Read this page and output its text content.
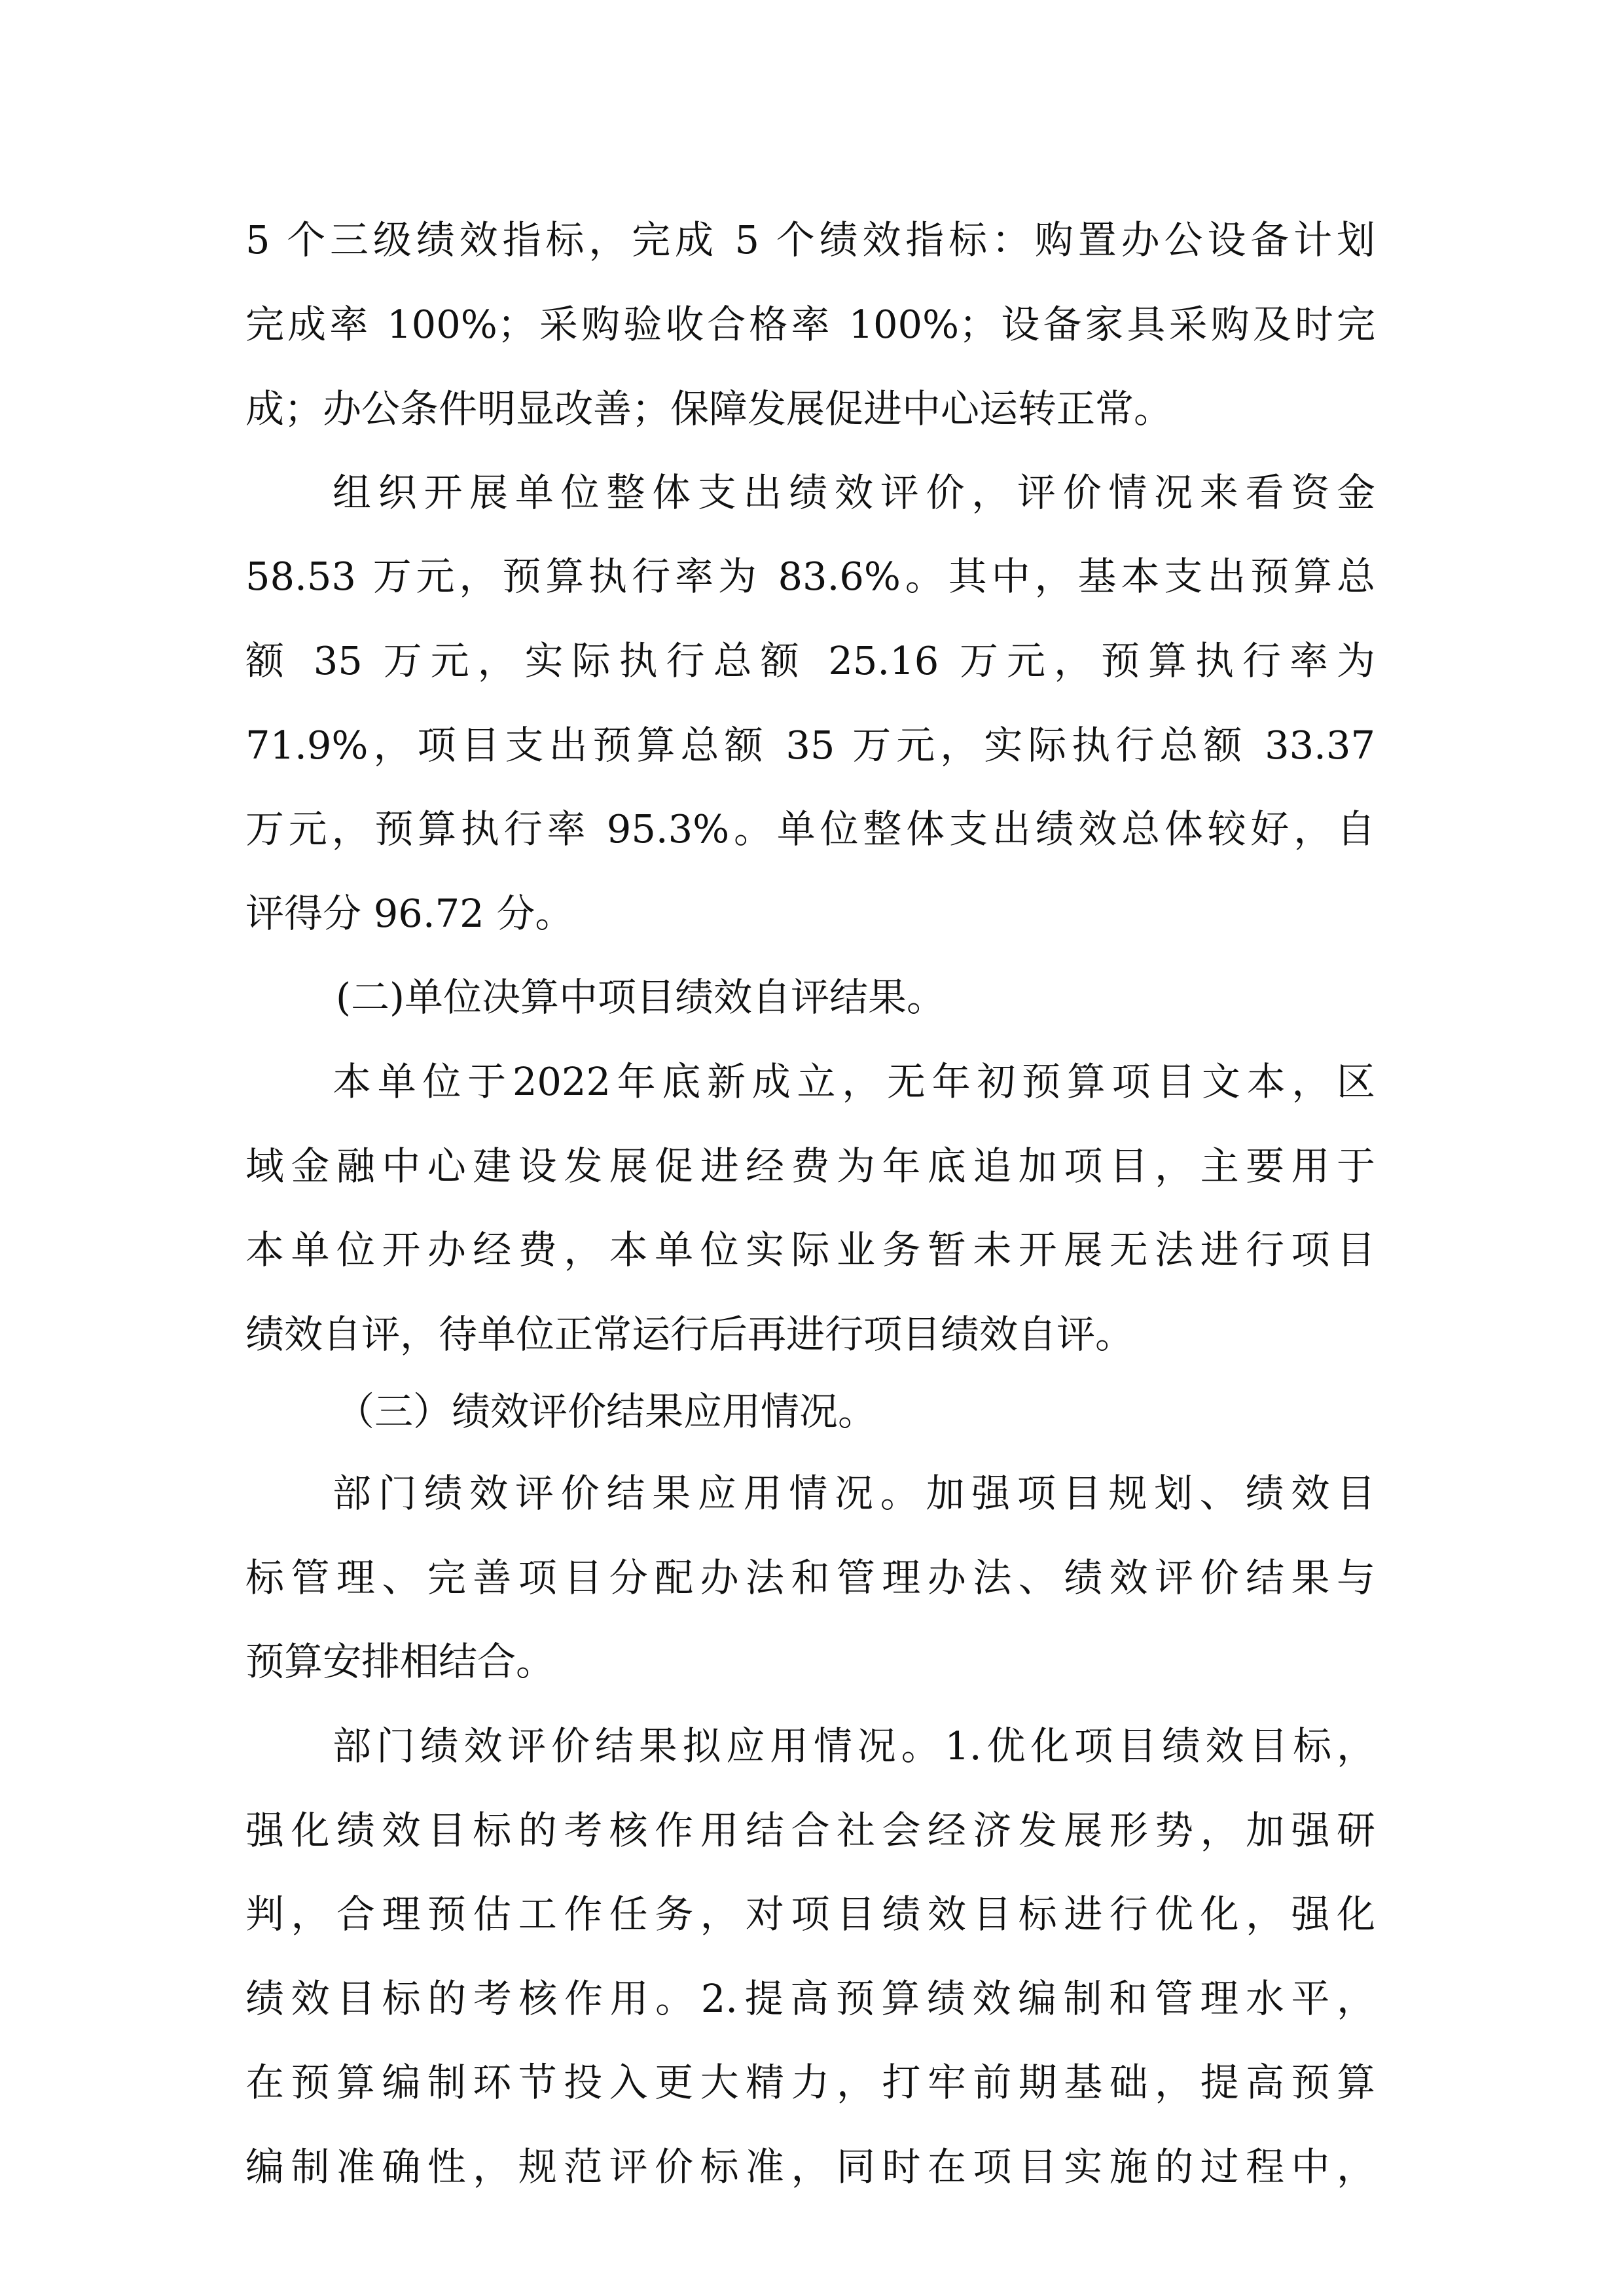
5 个三级绩效指标，完成 5 个绩效指标：购置办公设备计划
完成率 100%；采购验收合格率 100%；设备家具采购及时完
成；办公条件明显改善；保障发展促进中心运转正常。
组织开展单位整体支出绩效评价，评价情况来看资金
58.53 万元，预算执行率为 83.6%。其中，基本支出预算总
额 35 万元，实际执行总额 25.16 万元，预算执行率为
71.9%，项目支出预算总额 35 万元，实际执行总额 33.37
万元，预算执行率 95.3%。单位整体支出绩效总体较好，自
评得分 96.72 分。
(二)单位决算中项目绩效自评结果。
本单位于2022年底新成立，无年初预算项目文本，区
域金融中心建设发展促进经费为年底追加项目，主要用于
本单位开办经费，本单位实际业务暂未开展无法进行项目
绩效自评，待单位正常运行后再进行项目绩效自评。
（三）绩效评价结果应用情况。
部门绩效评价结果应用情况。加强项目规划、绩效目
标管理、完善项目分配办法和管理办法、绩效评价结果与
预算安排相结合。
部门绩效评价结果拟应用情况。1.优化项目绩效目标，
强化绩效目标的考核作用结合社会经济发展形势，加强研
判，合理预估工作任务，对项目绩效目标进行优化，强化
绩效目标的考核作用。2.提高预算绩效编制和管理水平，
在预算编制环节投入更大精力，打牢前期基础，提高预算
编制准确性，规范评价标准，同时在项目实施的过程中，
